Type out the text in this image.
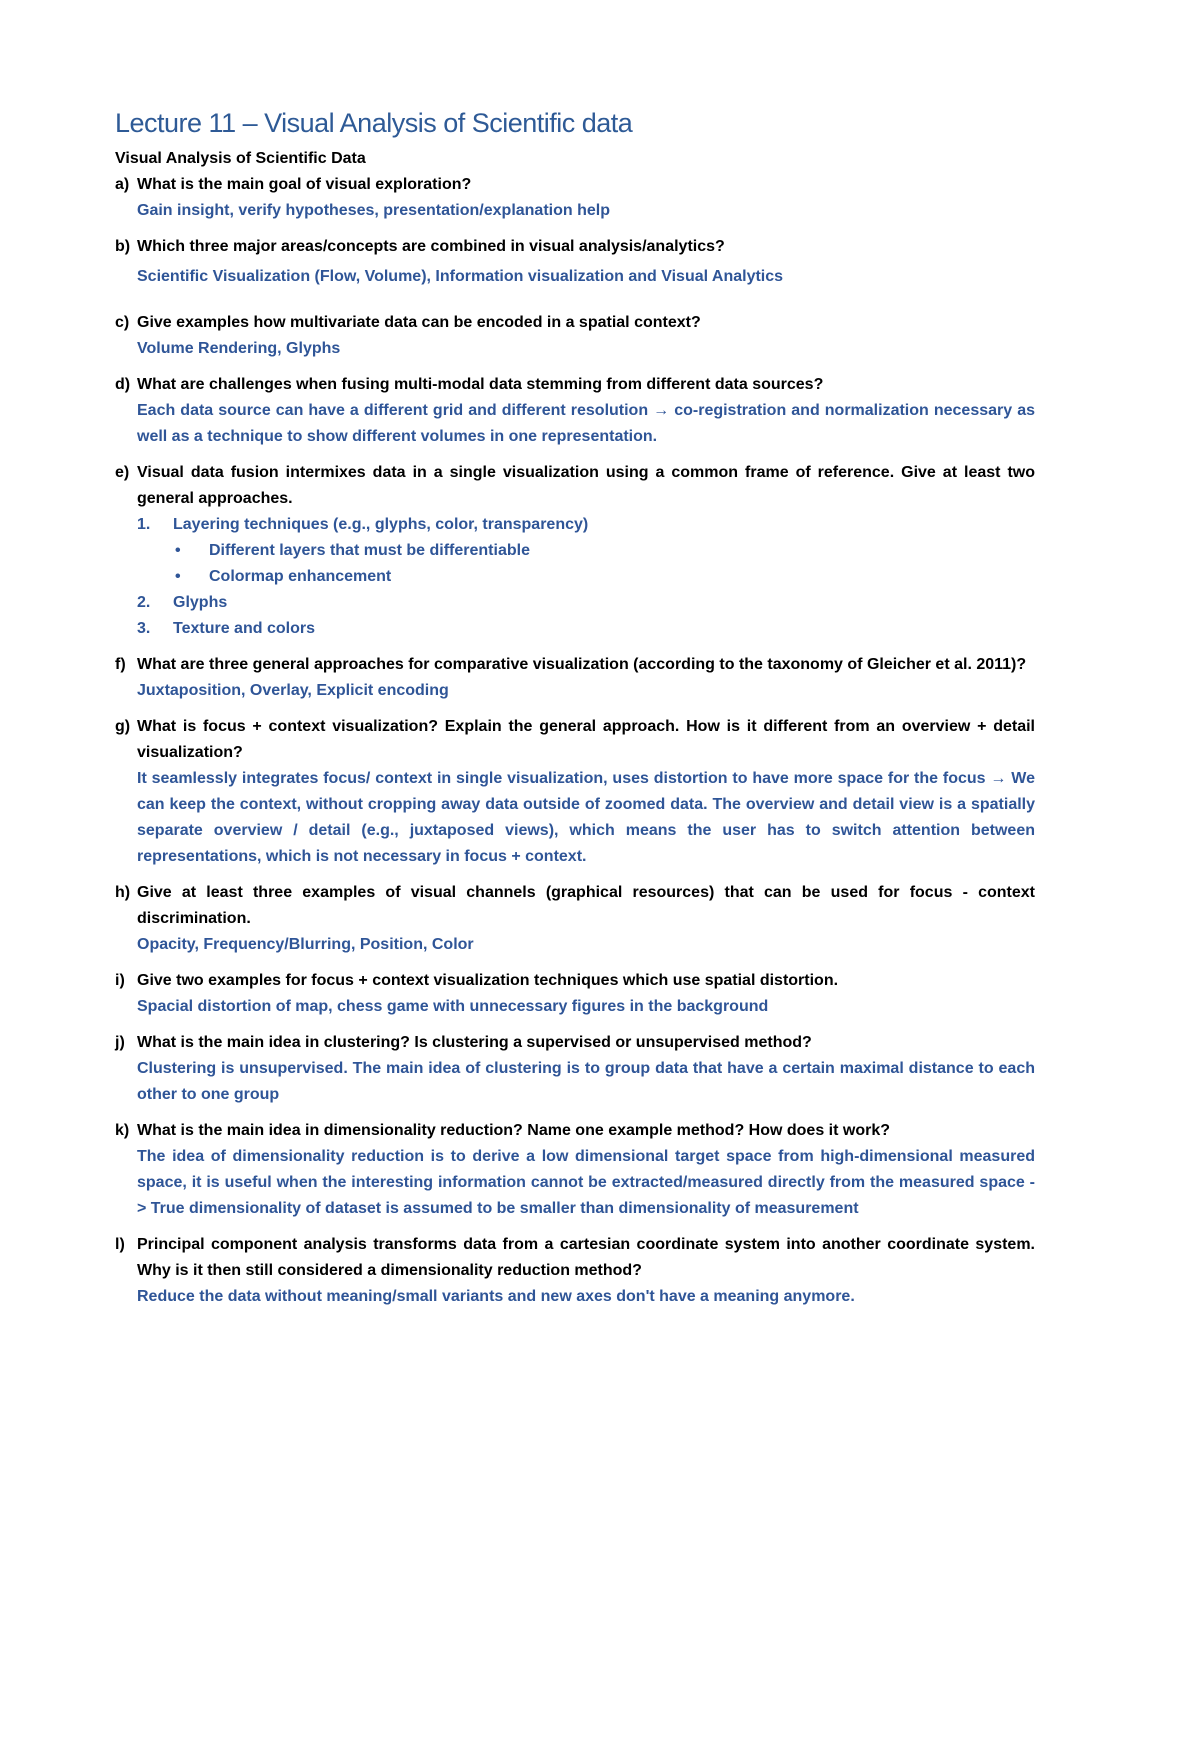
Lecture 11 – Visual Analysis of Scientific data

Visual Analysis of Scientific Data

a) What is the main goal of visual exploration?
Gain insight, verify hypotheses, presentation/explanation help
b) Which three major areas/concepts are combined in visual analysis/analytics?
Scientific Visualization (Flow, Volume), Information visualization and Visual Analytics
c) Give examples how multivariate data can be encoded in a spatial context?
Volume Rendering, Glyphs
d) What are challenges when fusing multi-modal data stemming from different data sources?
Each data source can have a different grid and different resolution → co-registration and normalization necessary as well as a technique to show different volumes in one representation.
e) Visual data fusion intermixes data in a single visualization using a common frame of reference. Give at least two general approaches.
1. Layering techniques (e.g., glyphs, color, transparency)
• Different layers that must be differentiable
• Colormap enhancement
2. Glyphs
3. Texture and colors
f) What are three general approaches for comparative visualization (according to the taxonomy of Gleicher et al. 2011)?
Juxtaposition, Overlay, Explicit encoding
g) What is focus + context visualization? Explain the general approach. How is it different from an overview + detail visualization?
It seamlessly integrates focus/ context in single visualization, uses distortion to have more space for the focus → We can keep the context, without cropping away data outside of zoomed data. The overview and detail view is a spatially separate overview / detail (e.g., juxtaposed views), which means the user has to switch attention between representations, which is not necessary in focus + context.
h) Give at least three examples of visual channels (graphical resources) that can be used for focus - context discrimination.
Opacity, Frequency/Blurring, Position, Color
i) Give two examples for focus + context visualization techniques which use spatial distortion.
Spacial distortion of map, chess game with unnecessary figures in the background
j) What is the main idea in clustering? Is clustering a supervised or unsupervised method?
Clustering is unsupervised. The main idea of clustering is to group data that have a certain maximal distance to each other to one group
k) What is the main idea in dimensionality reduction? Name one example method? How does it work?
The idea of dimensionality reduction is to derive a low dimensional target space from high-dimensional measured space, it is useful when the interesting information cannot be extracted/measured directly from the measured space -> True dimensionality of dataset is assumed to be smaller than dimensionality of measurement
l) Principal component analysis transforms data from a cartesian coordinate system into another coordinate system. Why is it then still considered a dimensionality reduction method?
Reduce the data without meaning/small variants and new axes don't have a meaning anymore.
